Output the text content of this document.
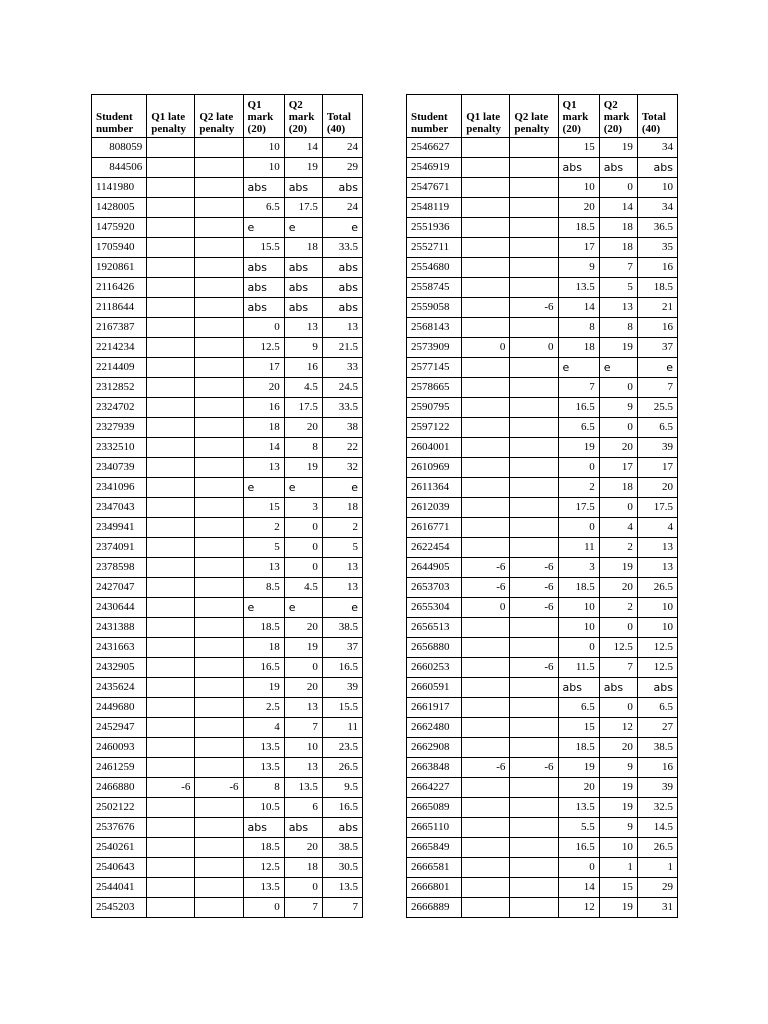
Student number	Q1 late penalty	Q2 late penalty	Q1 mark (20)	Q2 mark (20)	Total (40)
808059			10	14	24
844506			10	19	29
1141980			abs	abs	abs
1428005			6.5	17.5	24
1475920			e	e	e
1705940			15.5	18	33.5
1920861			abs	abs	abs
2116426			abs	abs	abs
2118644			abs	abs	abs
2167387			0	13	13
2214234			12.5	9	21.5
2214409			17	16	33
2312852			20	4.5	24.5
2324702			16	17.5	33.5
2327939			18	20	38
2332510			14	8	22
2340739			13	19	32
2341096			e	e	e
2347043			15	3	18
2349941			2	0	2
2374091			5	0	5
2378598			13	0	13
2427047			8.5	4.5	13
2430644			e	e	e
2431388			18.5	20	38.5
2431663			18	19	37
2432905			16.5	0	16.5
2435624			19	20	39
2449680			2.5	13	15.5
2452947			4	7	11
2460093			13.5	10	23.5
2461259			13.5	13	26.5
2466880	-6	-6	8	13.5	9.5
2502122			10.5	6	16.5
2537676			abs	abs	abs
2540261			18.5	20	38.5
2540643			12.5	18	30.5
2544041			13.5	0	13.5
2545203			0	7	7
Student number	Q1 late penalty	Q2 late penalty	Q1 mark (20)	Q2 mark (20)	Total (40)
2546627			15	19	34
2546919			abs	abs	abs
2547671			10	0	10
2548119			20	14	34
2551936			18.5	18	36.5
2552711			17	18	35
2554680			9	7	16
2558745			13.5	5	18.5
2559058		-6	14	13	21
2568143			8	8	16
2573909	0	0	18	19	37
2577145			e	e	e
2578665			7	0	7
2590795			16.5	9	25.5
2597122			6.5	0	6.5
2604001			19	20	39
2610969			0	17	17
2611364			2	18	20
2612039			17.5	0	17.5
2616771			0	4	4
2622454			11	2	13
2644905	-6	-6	3	19	13
2653703	-6	-6	18.5	20	26.5
2655304	0	-6	10	2	10
2656513			10	0	10
2656880			0	12.5	12.5
2660253		-6	11.5	7	12.5
2660591			abs	abs	abs
2661917			6.5	0	6.5
2662480			15	12	27
2662908			18.5	20	38.5
2663848	-6	-6	19	9	16
2664227			20	19	39
2665089			13.5	19	32.5
2665110			5.5	9	14.5
2665849			16.5	10	26.5
2666581			0	1	1
2666801			14	15	29
2666889			12	19	31
